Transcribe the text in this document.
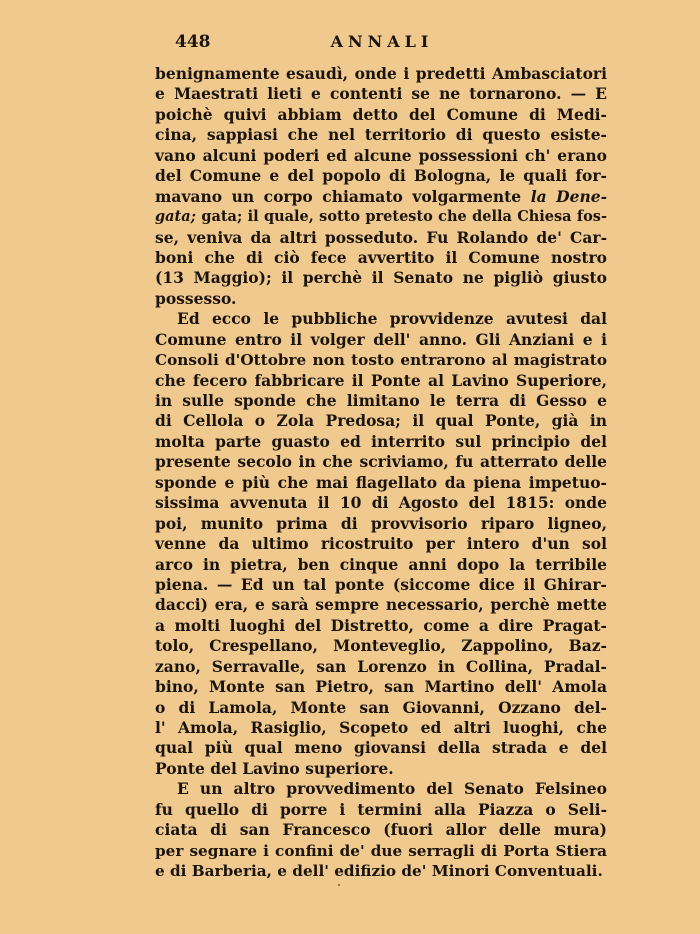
448	ANNALI
benignamente esaudì, onde i predetti Ambasciatori
e Maestrati lieti e contenti se ne tornarono. — E
poichè quivi abbiam detto del Comune di Medi-
cina, sappiasi che nel territorio di questo esiste-
vano alcuni poderi ed alcune possessioni ch' erano
del Comune e del popolo di Bologna, le quali for-
mavano un corpo chiamato volgarmente la Dene-
gata; gata; il quale, sotto pretesto che della Chiesa fos-
se, veniva da altri posseduto. Fu Rolando de' Car-
boni che di ciò fece avvertito il Comune nostro
(13 Maggio); il perchè il Senato ne pigliò giusto
possesso.
Ed ecco le pubbliche provvidenze avutesi dal
Comune entro il volger dell' anno. Gli Anziani e i
Consoli d'Ottobre non tosto entrarono al magistrato
che fecero fabbricare il Ponte al Lavino Superiore,
in sulle sponde che limitano le terra di Gesso e
di Cellola o Zola Predosa; il qual Ponte, già in
molta parte guasto ed interrito sul principio del
presente secolo in che scriviamo, fu atterrato delle
sponde e più che mai flagellato da piena impetuo-
sissima avvenuta il 10 di Agosto del 1815: onde
poi, munito prima di provvisorio riparo ligneo,
venne da ultimo ricostruito per intero d'un sol
arco in pietra, ben cinque anni dopo la terribile
piena. — Ed un tal ponte (siccome dice il Ghirar-
dacci) era, e sarà sempre necessario, perchè mette
a molti luoghi del Distretto, come a dire Pragat-
tolo, Crespellano, Monteveglio, Zappolino, Baz-
zano, Serravalle, san Lorenzo in Collina, Pradal-
bino, Monte san Pietro, san Martino dell' Amola
o di Lamola, Monte san Giovanni, Ozzano del-
l' Amola, Rasiglio, Scopeto ed altri luoghi, che
qual più qual meno giovansi della strada e del
Ponte del Lavino superiore.
E un altro provvedimento del Senato Felsineo
fu quello di porre i termini alla Piazza o Seli-
ciata di san Francesco (fuori allor delle mura)
per segnare i confini de' due serragli di Porta Stiera
e di Barberia, e dell' edifizio de' Minori Conventuali.
